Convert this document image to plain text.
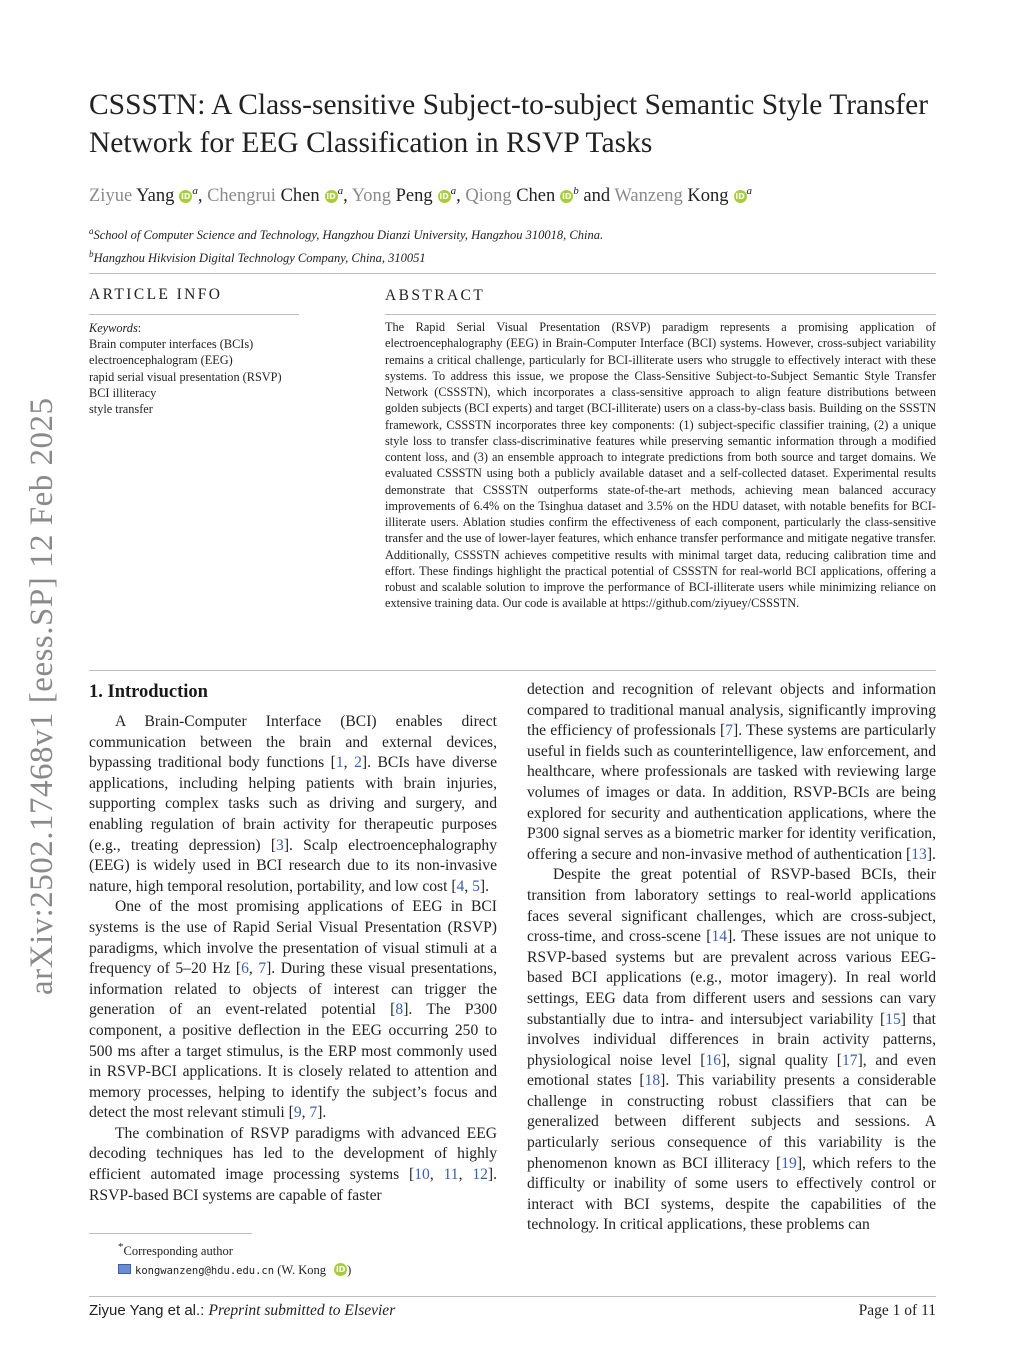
arXiv:2502.17468v1 [eess.SP] 12 Feb 2025
CSSSTN: A Class-sensitive Subject-to-subject Semantic Style Transfer Network for EEG Classification in RSVP Tasks
Ziyue Yang iD $^a$, Chengrui Chen iD $^a$, Yong Peng iD $^a$, Qiong Chen iD $^b$ and Wanzeng Kong iD $^a$
$^a$School of Computer Science and Technology, Hangzhou Dianzi University, Hangzhou 310018, China.
$^b$Hangzhou Hikvision Digital Technology Company, China, 310051
ARTICLE INFO
Keywords:
Brain computer interfaces (BCIs)
electroencephalogram (EEG)
rapid serial visual presentation (RSVP)
BCI illiteracy
style transfer
ABSTRACT
The Rapid Serial Visual Presentation (RSVP) paradigm represents a promising application of electroencephalography (EEG) in Brain-Computer Interface (BCI) systems. However, cross-subject variability remains a critical challenge, particularly for BCI-illiterate users who struggle to effectively interact with these systems. To address this issue, we propose the Class-Sensitive Subject-to-Subject Semantic Style Transfer Network (CSSSTN), which incorporates a class-sensitive approach to align feature distributions between golden subjects (BCI experts) and target (BCI-illiterate) users on a class-by-class basis. Building on the SSSTN framework, CSSSTN incorporates three key components: (1) subject-specific classifier training, (2) a unique style loss to transfer class-discriminative features while preserving semantic information through a modified content loss, and (3) an ensemble approach to integrate predictions from both source and target domains. We evaluated CSSSTN using both a publicly available dataset and a self-collected dataset. Experimental results demonstrate that CSSSTN outperforms state-of-the-art methods, achieving mean balanced accuracy improvements of 6.4% on the Tsinghua dataset and 3.5% on the HDU dataset, with notable benefits for BCI-illiterate users. Ablation studies confirm the effectiveness of each component, particularly the class-sensitive transfer and the use of lower-layer features, which enhance transfer performance and mitigate negative transfer. Additionally, CSSSTN achieves competitive results with minimal target data, reducing calibration time and effort. These findings highlight the practical potential of CSSSTN for real-world BCI applications, offering a robust and scalable solution to improve the performance of BCI-illiterate users while minimizing reliance on extensive training data. Our code is available at https://github.com/ziyuey/CSSSTN.
1. Introduction

A Brain-Computer Interface (BCI) enables direct communication between the brain and external devices, bypassing traditional body functions [1, 2]. BCIs have diverse applications, including helping patients with brain injuries, supporting complex tasks such as driving and surgery, and enabling regulation of brain activity for therapeutic purposes (e.g., treating depression) [3]. Scalp electroencephalography (EEG) is widely used in BCI research due to its non-invasive nature, high temporal resolution, portability, and low cost [4, 5].

One of the most promising applications of EEG in BCI systems is the use of Rapid Serial Visual Presentation (RSVP) paradigms, which involve the presentation of visual stimuli at a frequency of 5–20 Hz [6, 7]. During these visual presentations, information related to objects of interest can trigger the generation of an event-related potential [8]. The P300 component, a positive deflection in the EEG occurring 250 to 500 ms after a target stimulus, is the ERP most commonly used in RSVP-BCI applications. It is closely related to attention and memory processes, helping to identify the subject’s focus and detect the most relevant stimuli [9, 7].

The combination of RSVP paradigms with advanced EEG decoding techniques has led to the development of highly efficient automated image processing systems [10, 11, 12]. RSVP-based BCI systems are capable of faster

detection and recognition of relevant objects and information compared to traditional manual analysis, significantly improving the efficiency of professionals [7]. These systems are particularly useful in fields such as counterintelligence, law enforcement, and healthcare, where professionals are tasked with reviewing large volumes of images or data. In addition, RSVP-BCIs are being explored for security and authentication applications, where the P300 signal serves as a biometric marker for identity verification, offering a secure and non-invasive method of authentication [13].

Despite the great potential of RSVP-based BCIs, their transition from laboratory settings to real-world applications faces several significant challenges, which are cross-subject, cross-time, and cross-scene [14]. These issues are not unique to RSVP-based systems but are prevalent across various EEG-based BCI applications (e.g., motor imagery). In real world settings, EEG data from different users and sessions can vary substantially due to intra- and intersubject variability [15] that involves individual differences in brain activity patterns, physiological noise level [16], signal quality [17], and even emotional states [18]. This variability presents a considerable challenge in constructing robust classifiers that can be generalized between different subjects and sessions. A particularly serious consequence of this variability is the phenomenon known as BCI illiteracy [19], which refers to the difficulty or inability of some users to effectively control or interact with BCI systems, despite the capabilities of the technology. In critical applications, these problems can

*Corresponding author
kongwanzeng@hdu.edu.cn (W. Kong iD )
Ziyue Yang et al.: Preprint submitted to Elsevier	Page 1 of 11
